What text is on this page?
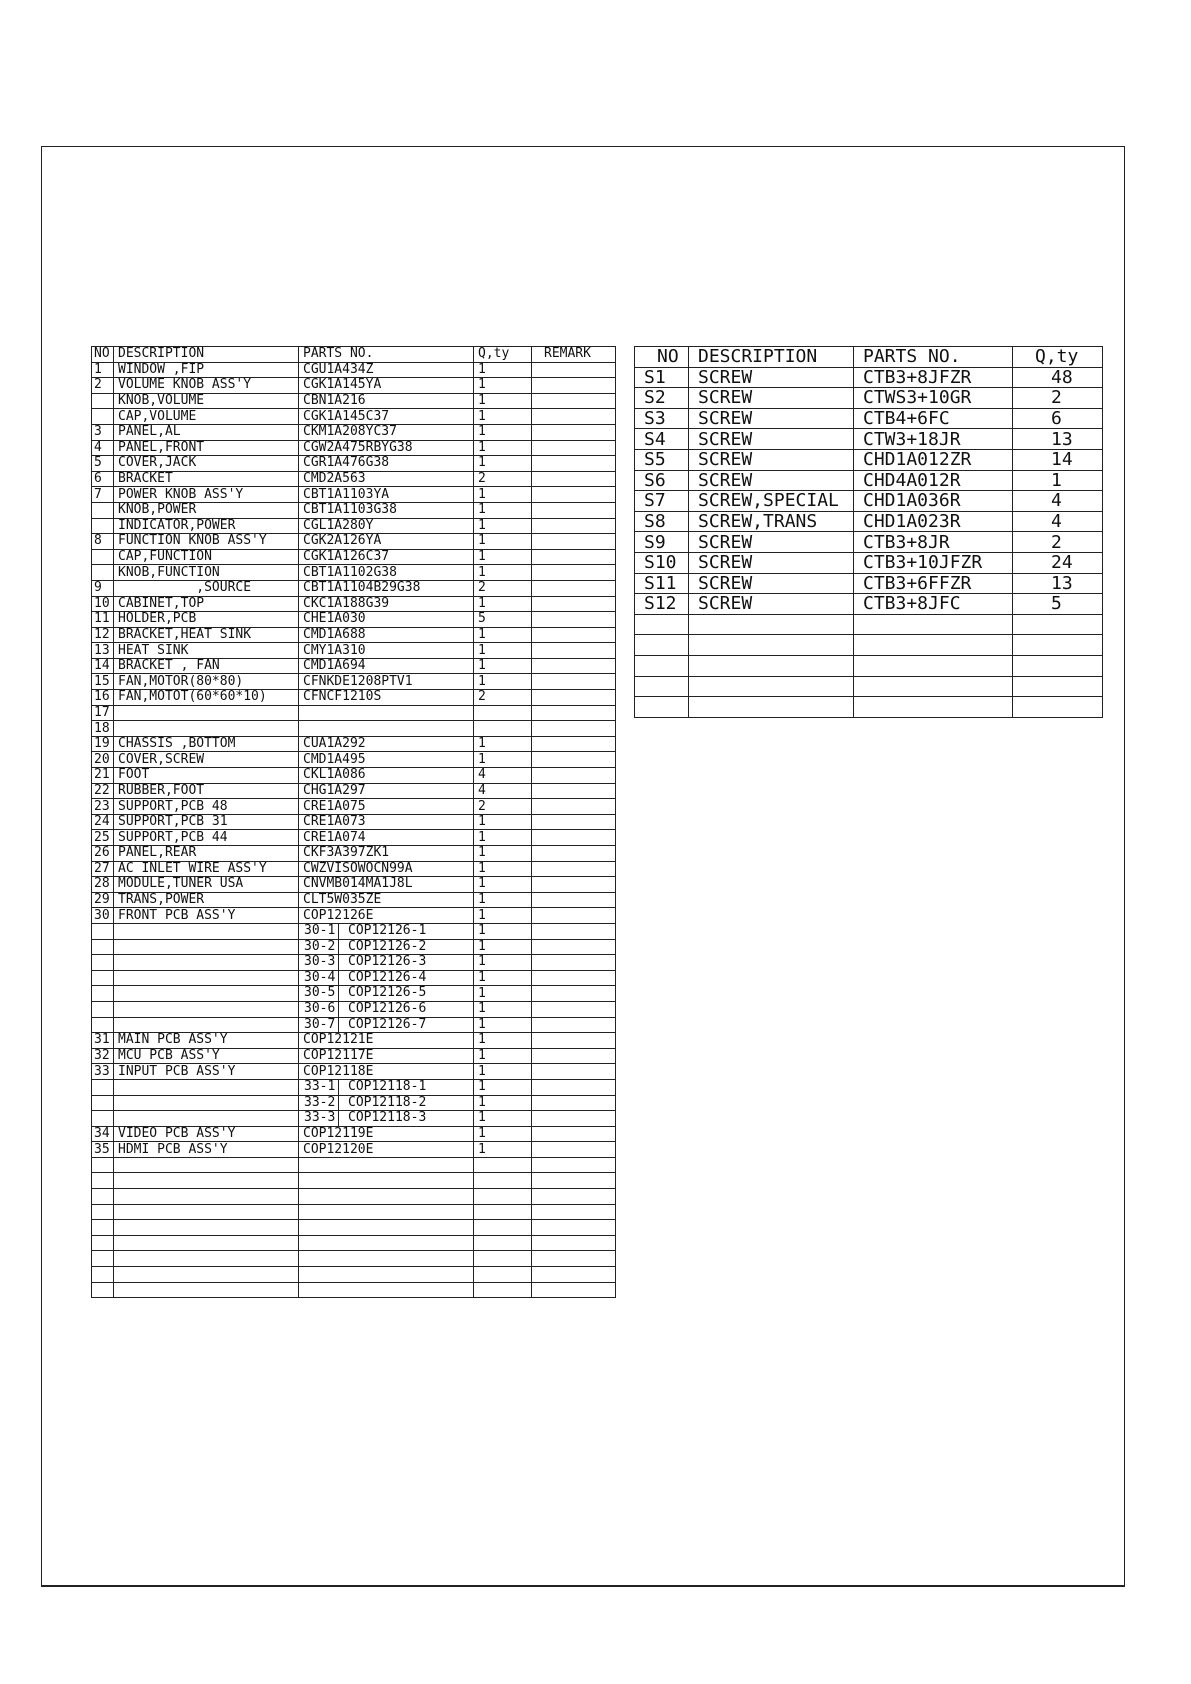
NO	DESCRIPTION	PARTS NO.	Q,ty	REMARK
1	WINDOW ,FIP	CGU1A434Z	1	
2	VOLUME KNOB ASS'Y	CGK1A145YA	1	
	KNOB,VOLUME	CBN1A216	1	
	CAP,VOLUME	CGK1A145C37	1	
3	PANEL,AL	CKM1A208YC37	1	
4	PANEL,FRONT	CGW2A475RBYG38	1	
5	COVER,JACK	CGR1A476G38	1	
6	BRACKET	CMD2A563	2	
7	POWER KNOB ASS'Y	CBT1A1103YA	1	
	KNOB,POWER	CBT1A1103G38	1	
	INDICATOR,POWER	CGL1A280Y	1	
8	FUNCTION KNOB ASS'Y	CGK2A126YA	1	
	CAP,FUNCTION	CGK1A126C37	1	
	KNOB,FUNCTION	CBT1A1102G38	1	
9	,SOURCE	CBT1A1104B29G38	2	
10	CABINET,TOP	CKC1A188G39	1	
11	HOLDER,PCB	CHE1A030	5	
12	BRACKET,HEAT SINK	CMD1A688	1	
13	HEAT SINK	CMY1A310	1	
14	BRACKET , FAN	CMD1A694	1	
15	FAN,MOTOR(80*80)	CFNKDE1208PTV1	1	
16	FAN,MOTOT(60*60*10)	CFNCF1210S	2	
17				
18				
19	CHASSIS ,BOTTOM	CUA1A292	1	
20	COVER,SCREW	CMD1A495	1	
21	FOOT	CKL1A086	4	
22	RUBBER,FOOT	CHG1A297	4	
23	SUPPORT,PCB 48	CRE1A075	2	
24	SUPPORT,PCB 31	CRE1A073	1	
25	SUPPORT,PCB 44	CRE1A074	1	
26	PANEL,REAR	CKF3A397ZK1	1	
27	AC INLET WIRE ASS'Y	CWZVISOWOCN99A	1	
28	MODULE,TUNER USA	CNVMB014MA1J8L	1	
29	TRANS,POWER	CLT5W035ZE	1	
30	FRONT PCB ASS'Y	COP12126E	1	

		30-1 COP12126-1	1	

		30-2 COP12126-2	1	

		30-3 COP12126-3	1	

		30-4 COP12126-4	1	

		30-5 COP12126-5	1	

		30-6 COP12126-6	1	

		30-7 COP12126-7	1	
31	MAIN PCB ASS'Y	COP12121E	1	
32	MCU PCB ASS'Y	COP12117E	1	
33	INPUT PCB ASS'Y	COP12118E	1	

		33-1 COP12118-1	1	

		33-2 COP12118-2	1	

		33-3 COP12118-3	1	
34	VIDEO PCB ASS'Y	COP12119E	1	
35	HDMI PCB ASS'Y	COP12120E	1	

NO	DESCRIPTION	PARTS NO.	Q,ty
S1	SCREW	CTB3+8JFZR	48
S2	SCREW	CTWS3+10GR	2
S3	SCREW	CTB4+6FC	6
S4	SCREW	CTW3+18JR	13
S5	SCREW	CHD1A012ZR	14
S6	SCREW	CHD4A012R	1
S7	SCREW,SPECIAL	CHD1A036R	4
S8	SCREW,TRANS	CHD1A023R	4
S9	SCREW	CTB3+8JR	2
S10	SCREW	CTB3+10JFZR	24
S11	SCREW	CTB3+6FFZR	13
S12	SCREW	CTB3+8JFC	5
